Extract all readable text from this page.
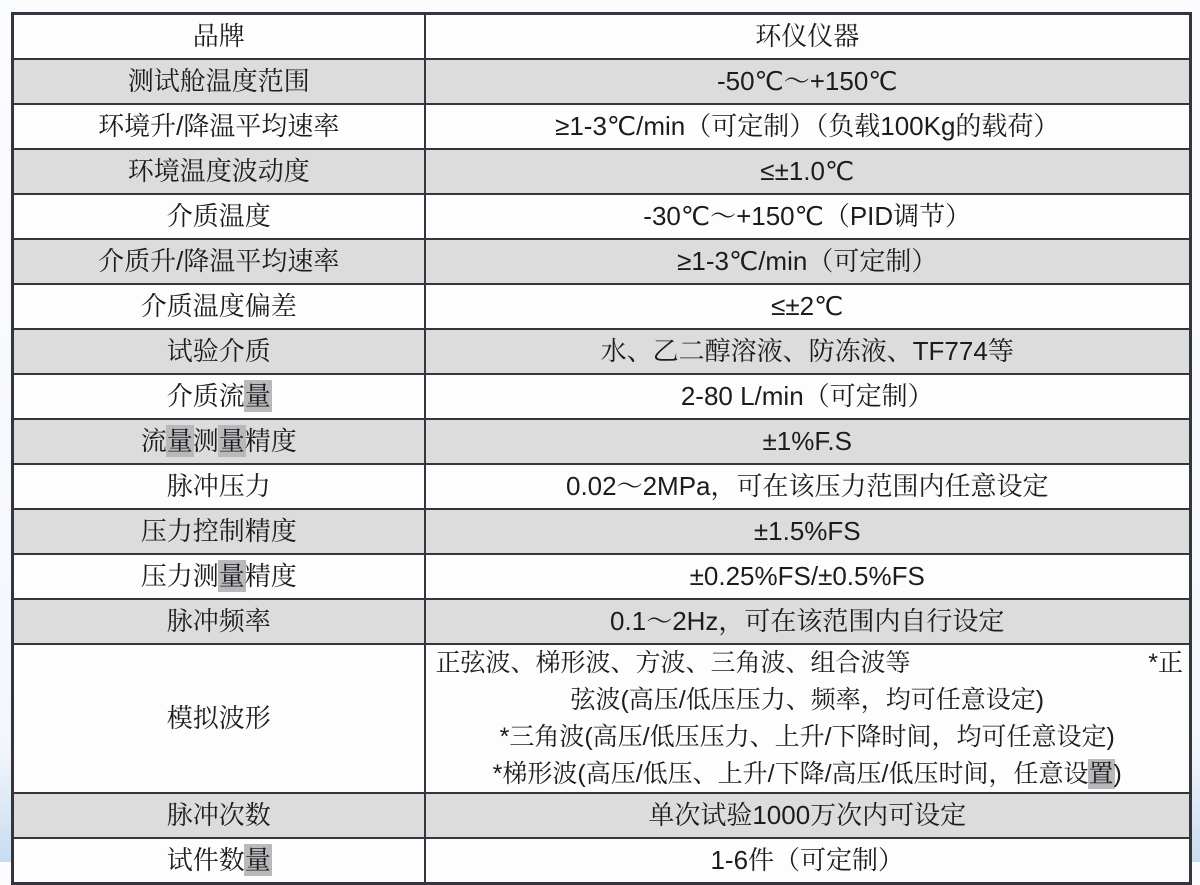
品牌	环仪仪器
测试舱温度范围	-50℃～+150℃
环境升/降温平均速率	≥1-3℃/min（可定制）（负载100Kg的载荷）
环境温度波动度	≤±1.0℃
介质温度	-30℃～+150℃（PID调节）
介质升/降温平均速率	≥1-3℃/min（可定制）
介质温度偏差	≤±2℃
试验介质	水、乙二醇溶液、防冻液、TF774等
介质流量	2-80 L/min（可定制）
流量测量精度	±1%F.S
脉冲压力	0.02～2MPa，可在该压力范围内任意设定
压力控制精度	±1.5%FS
压力测量精度	±0.25%FS/±0.5%FS
脉冲频率	0.1～2Hz，可在该范围内自行设定
模拟波形	正弦波、梯形波、方波、三角波、组合波等 *正
弦波(高压/低压压力、频率，均可任意设定)
*三角波(高压/低压压力、上升/下降时间，均可任意设定)
*梯形波(高压/低压、上升/下降/高压/低压时间，任意设置)

脉冲次数	单次试验1000万次内可设定
试件数量	1-6件（可定制）
